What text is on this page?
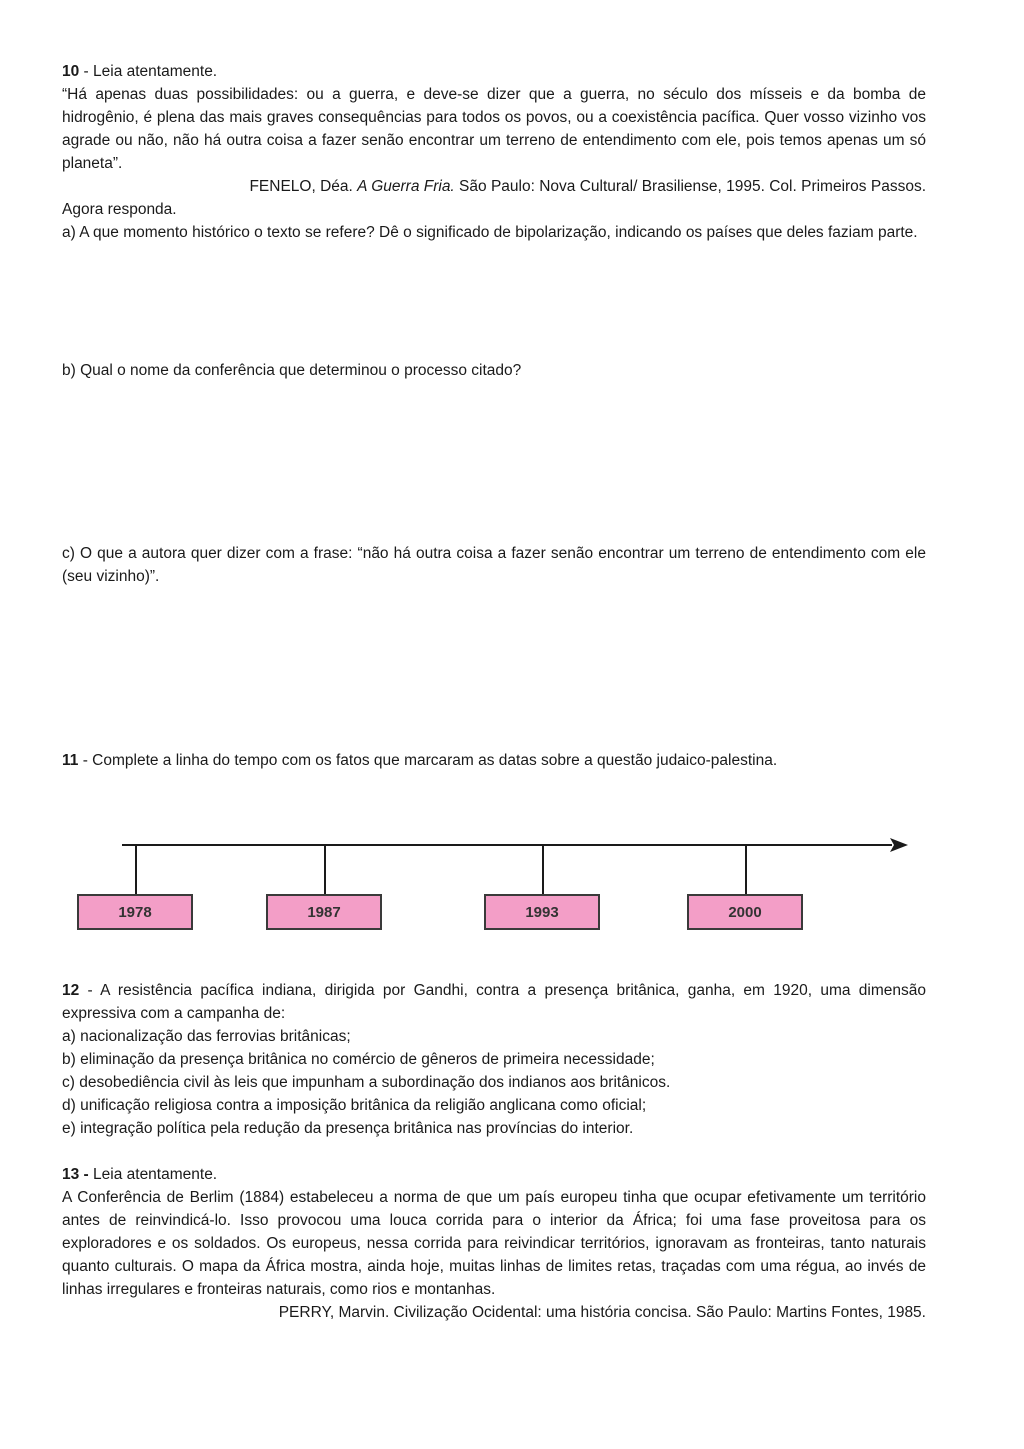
10 - Leia atentamente.

“Há apenas duas possibilidades: ou a guerra, e deve-se dizer que a guerra, no século dos mísseis e da bomba de hidrogênio, é plena das mais graves consequências para todos os povos, ou a coexistência pacífica. Quer vosso vizinho vos agrade ou não, não há outra coisa a fazer senão encontrar um terreno de entendimento com ele, pois temos apenas um só planeta”.

FENELO, Déa. A Guerra Fria. São Paulo: Nova Cultural/ Brasiliense, 1995. Col. Primeiros Passos.

Agora responda.

a) A que momento histórico o texto se refere? Dê o significado de bipolarização, indicando os países que deles faziam parte.

b) Qual o nome da conferência que determinou o processo citado?

c) O que a autora quer dizer com a frase: “não há outra coisa a fazer senão encontrar um terreno de entendimento com ele (seu vizinho)”.

11 - Complete a linha do tempo com os fatos que marcaram as datas sobre a questão judaico-palestina.

1978	1987	1993	2000

12 - A resistência pacífica indiana, dirigida por Gandhi, contra a presença britânica, ganha, em 1920, uma dimensão expressiva com a campanha de:

a) nacionalização das ferrovias britânicas;

b) eliminação da presença britânica no comércio de gêneros de primeira necessidade;

c) desobediência civil às leis que impunham a subordinação dos indianos aos britânicos.

d) unificação religiosa contra a imposição britânica da religião anglicana como oficial;

e) integração política pela redução da presença britânica nas províncias do interior.

13 - Leia atentamente.

A Conferência de Berlim (1884) estabeleceu a norma de que um país europeu tinha que ocupar efetivamente um território antes de reinvindicá-lo. Isso provocou uma louca corrida para o interior da África; foi uma fase proveitosa para os exploradores e os soldados. Os europeus, nessa corrida para reivindicar territórios, ignoravam as fronteiras, tanto naturais quanto culturais. O mapa da África mostra, ainda hoje, muitas linhas de limites retas, traçadas com uma régua, ao invés de linhas irregulares e fronteiras naturais, como rios e montanhas.

PERRY, Marvin. Civilização Ocidental: uma história concisa. São Paulo: Martins Fontes, 1985.
